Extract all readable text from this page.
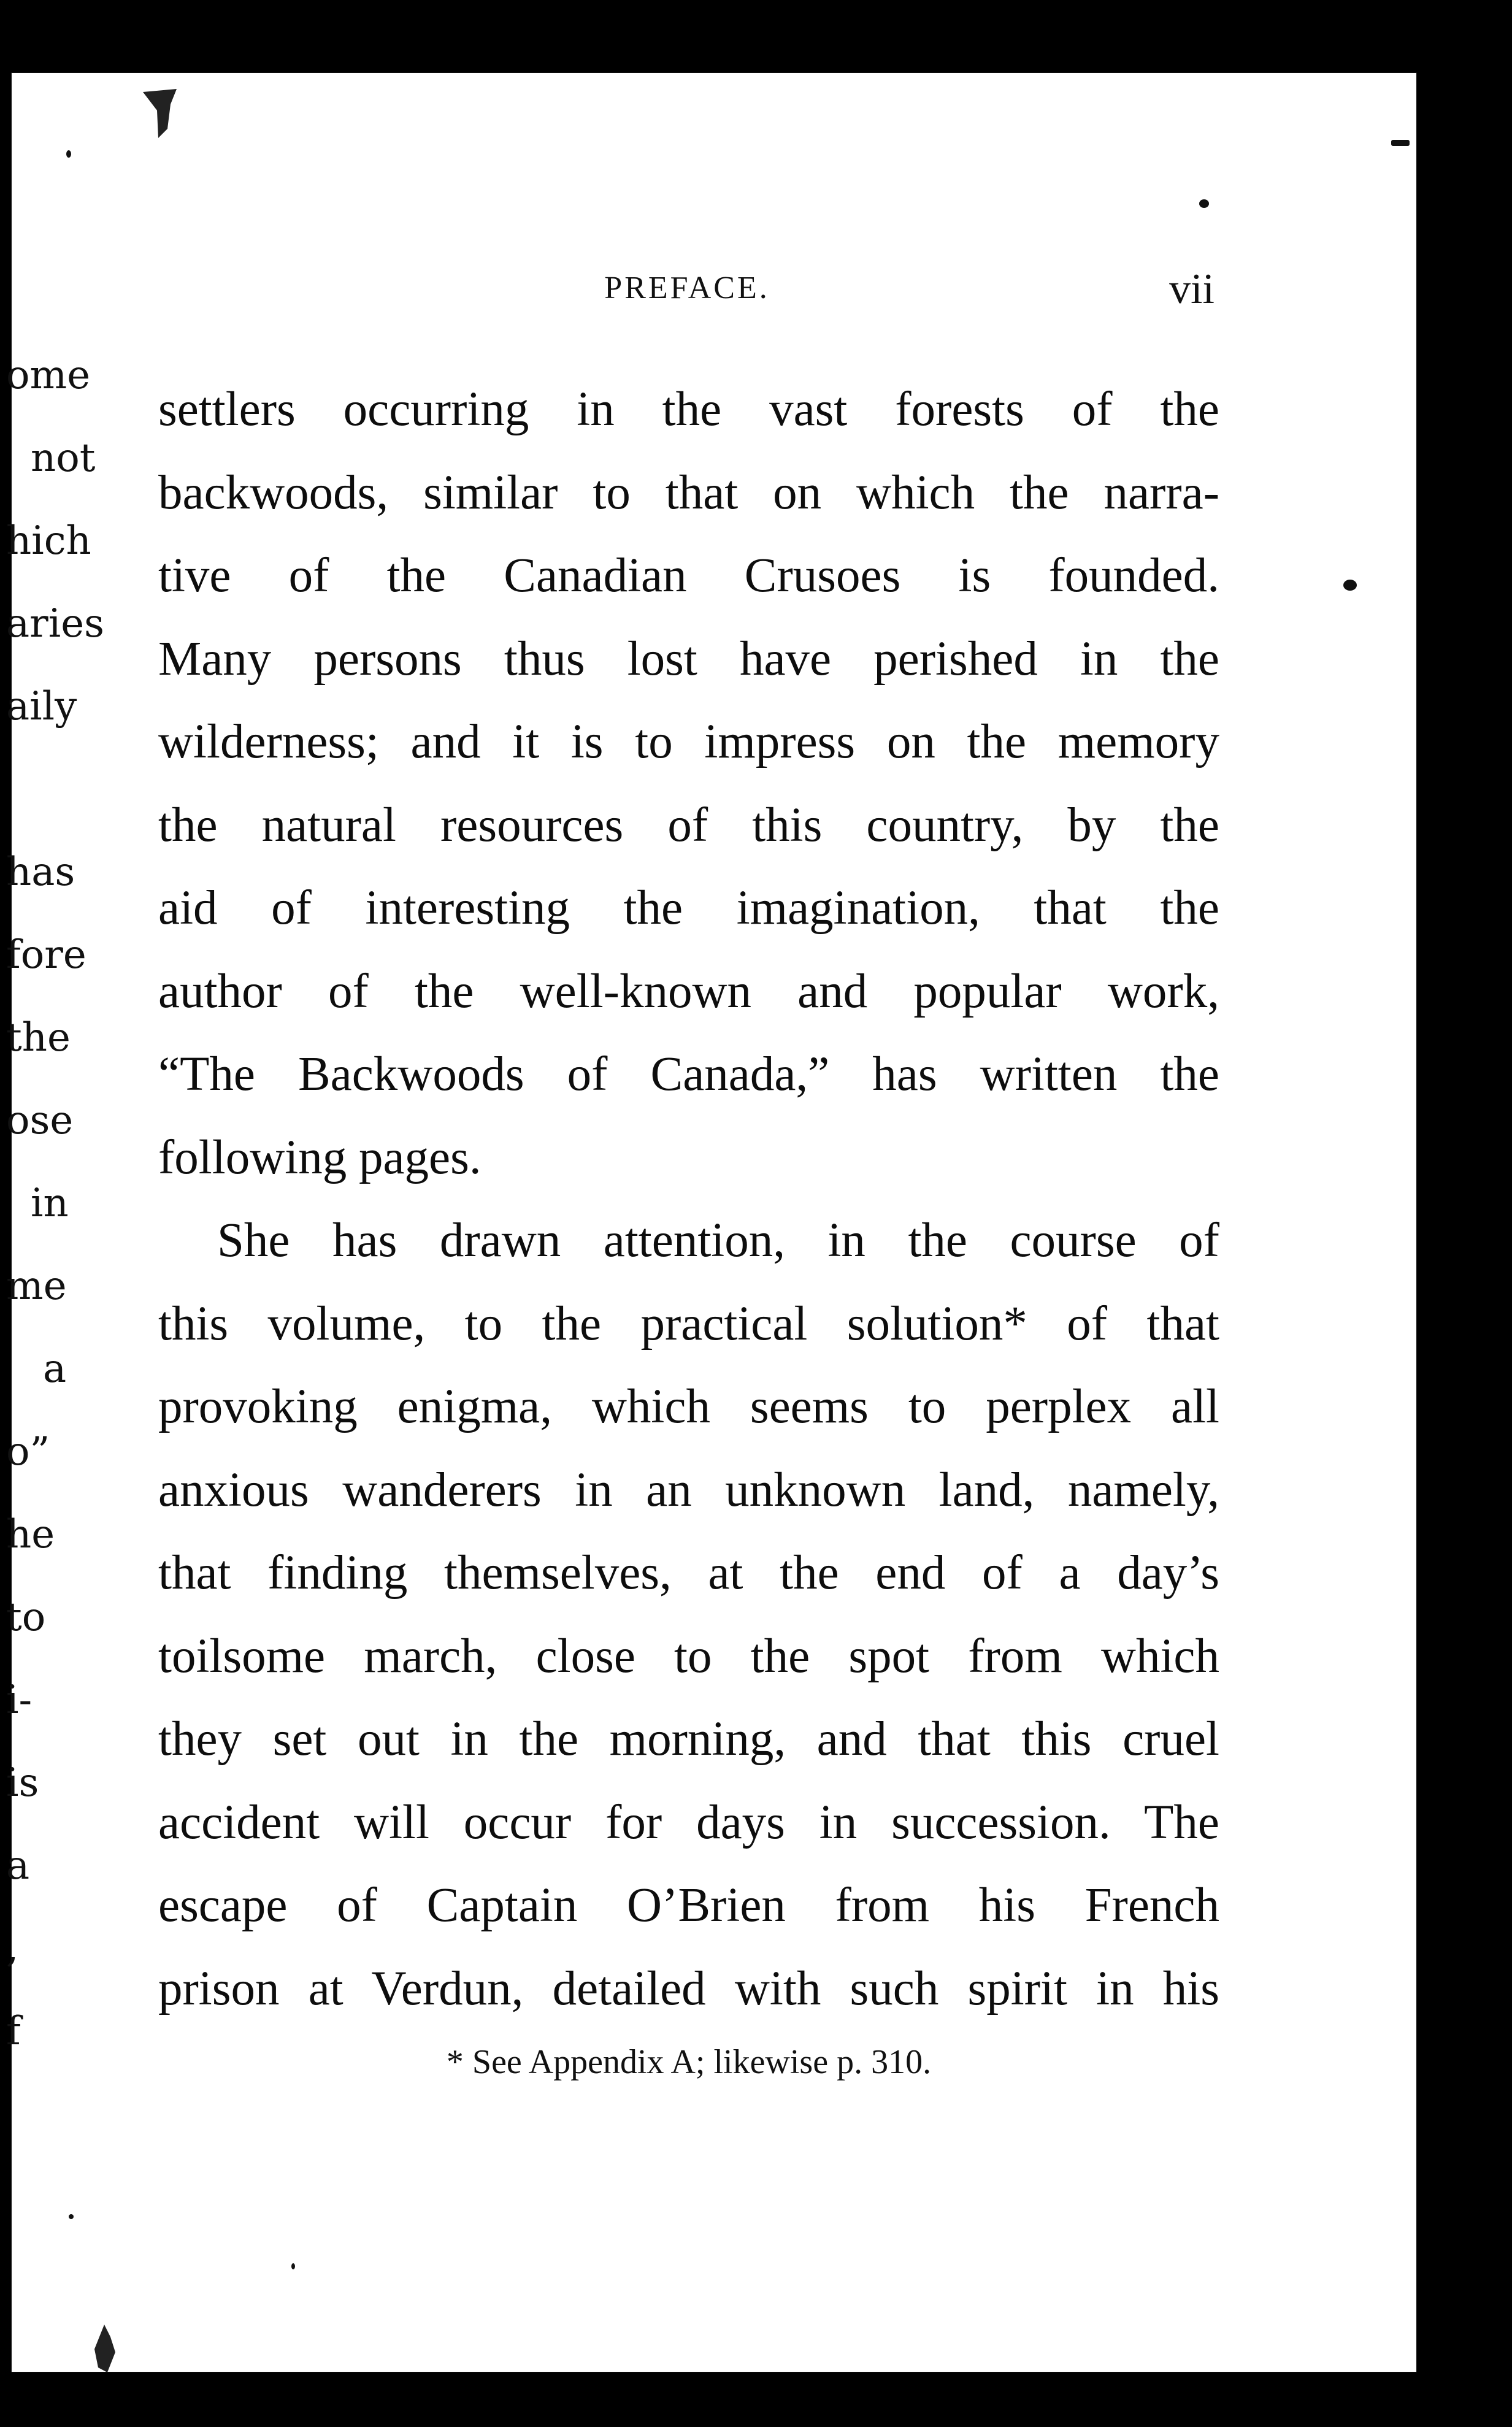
ome
not
hich
aries
aily
has
fore
the
ose
in
me
a
o”
he
to
i-
is
a
,
f
PREFACE.	vii
settlers occurring in the vast forests of the
backwoods, similar to that on which the narra-
tive of the Canadian Crusoes is founded.
Many persons thus lost have perished in the
wilderness; and it is to impress on the memory
the natural resources of this country, by the
aid of interesting the imagination, that the
author of the well-known and popular work,
“The Backwoods of Canada,” has written the
following pages.
She has drawn attention, in the course of
this volume, to the practical solution* of that
provoking enigma, which seems to perplex all
anxious wanderers in an unknown land, namely,
that finding themselves, at the end of a day’s
toilsome march, close to the spot from which
they set out in the morning, and that this cruel
accident will occur for days in succession. The
escape of Captain O’Brien from his French
prison at Verdun, detailed with such spirit in his
* See Appendix A; likewise p. 310.
